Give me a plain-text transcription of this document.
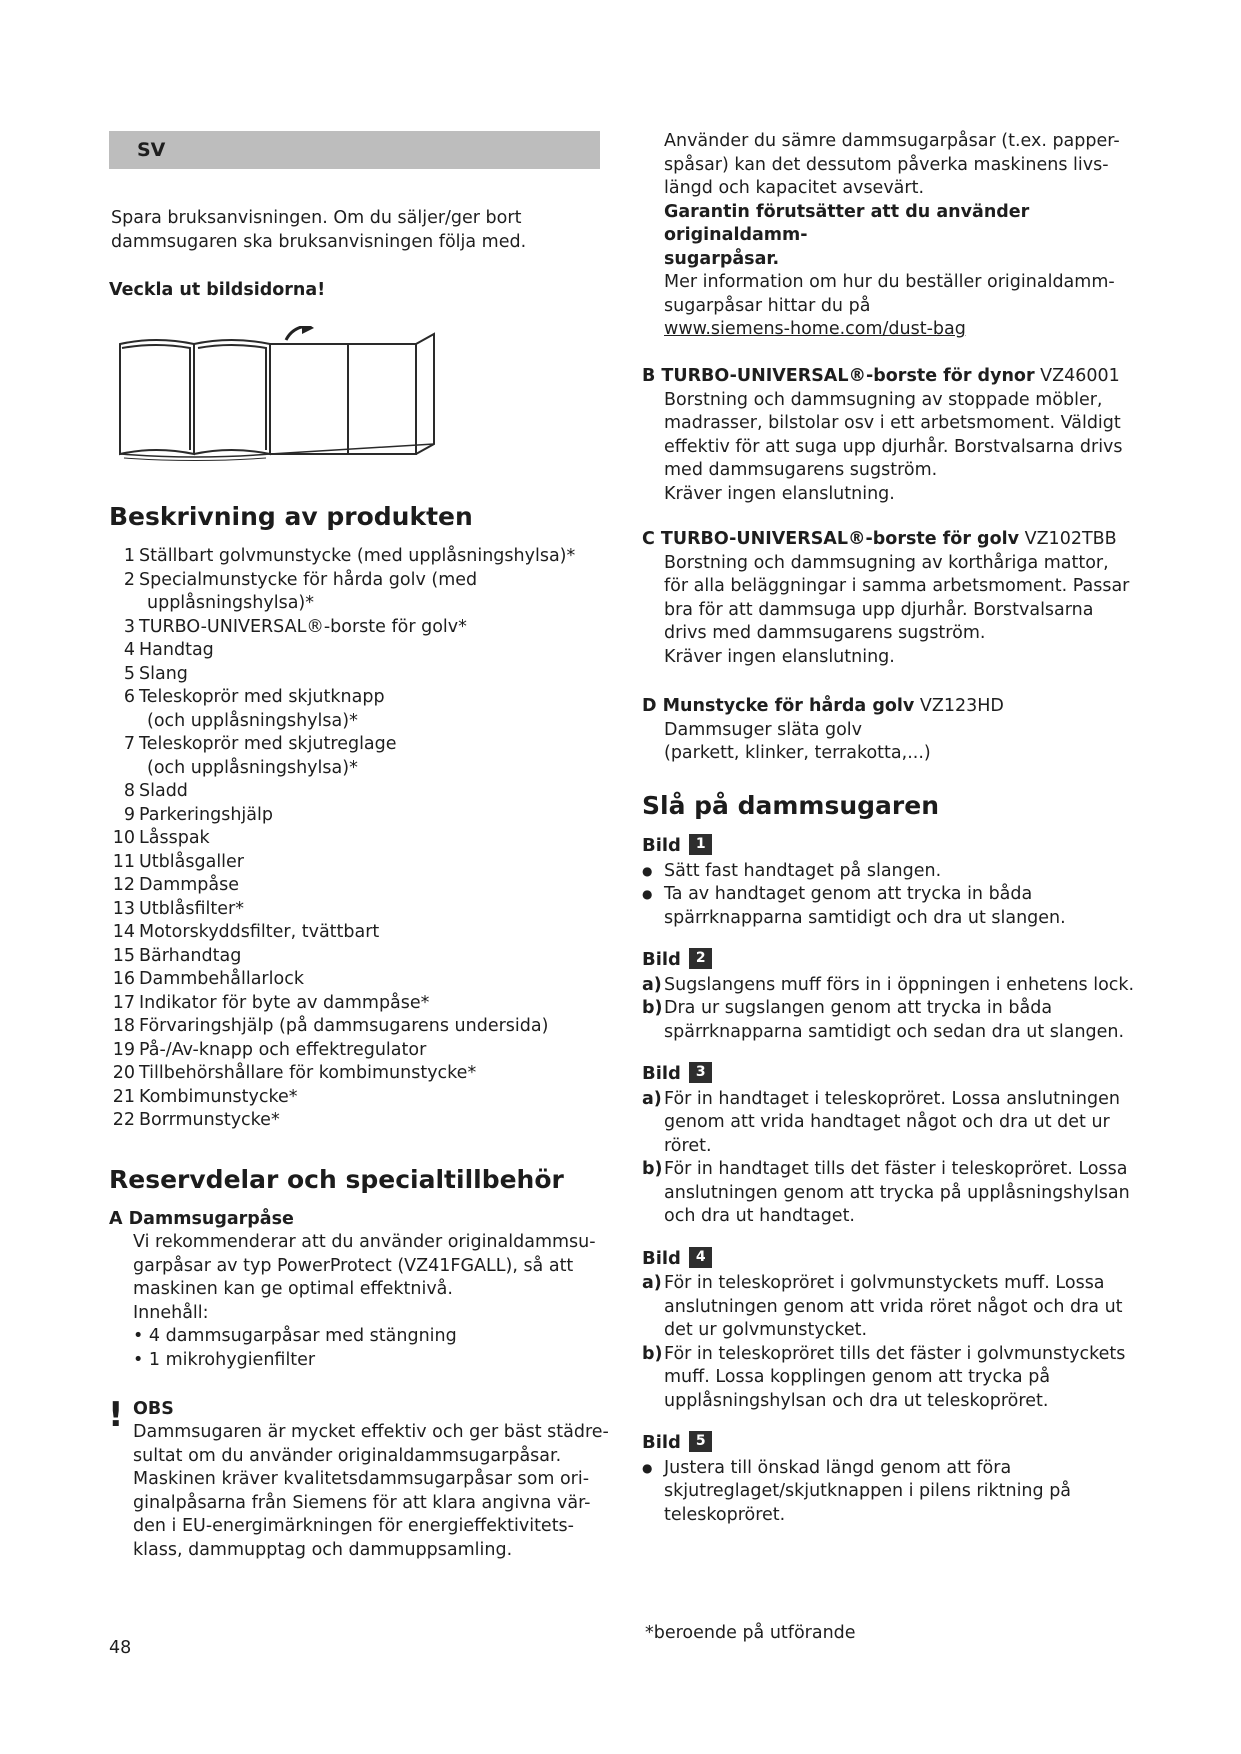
SV
Spara bruksanvisningen. Om du säljer/ger bort
dammsugaren ska bruksanvisningen följa med.
Veckla ut bildsidorna!
Beskrivning av produkten
1 Ställbart golvmunstycke (med upplåsningshylsa)*
2 Specialmunstycke för hårda golv (med
upplåsningshylsa)*
3 TURBO-UNIVERSAL®-borste för golv*
4 Handtag
5 Slang
6 Teleskoprör med skjutknapp
(och upplåsningshylsa)*
7 Teleskoprör med skjutreglage
(och upplåsningshylsa)*
8 Sladd
9 Parkeringshjälp
10 Låsspak
11 Utblåsgaller
12 Dammpåse
13 Utblåsfilter*
14 Motorskyddsfilter, tvättbart
15 Bärhandtag
16 Dammbehållarlock
17 Indikator för byte av dammpåse*
18 Förvaringshjälp (på dammsugarens undersida)
19 På-/Av-knapp och effektregulator
20 Tillbehörshållare för kombimunstycke*
21 Kombimunstycke*
22 Borrmunstycke*
Reservdelar och specialtillbehör
A Dammsugarpåse
Vi rekommenderar att du använder originaldammsu-
garpåsar av typ PowerProtect (VZ41FGALL), så att
maskinen kan ge optimal effektnivå.
Innehåll:
• 4 dammsugarpåsar med stängning
• 1 mikrohygienfilter
! OBS
Dammsugaren är mycket effektiv och ger bäst städre-
sultat om du använder originaldammsugarpåsar.
Maskinen kräver kvalitetsdammsugarpåsar som ori-
ginalpåsarna från Siemens för att klara angivna vär-
den i EU-energimärkningen för energieffektivitets-
klass, dammupptag och dammuppsamling.
Använder du sämre dammsugarpåsar (t.ex. papper-
spåsar) kan det dessutom påverka maskinens livs-
längd och kapacitet avsevärt.
Garantin förutsätter att du använder originaldamm-
sugarpåsar.
Mer information om hur du beställer originaldamm-
sugarpåsar hittar du på
www.siemens-home.com/dust-bag
B TURBO-UNIVERSAL®-borste för dynor VZ46001
Borstning och dammsugning av stoppade möbler,
madrasser, bilstolar osv i ett arbetsmoment. Väldigt
effektiv för att suga upp djurhår. Borstvalsarna drivs
med dammsugarens sugström.
Kräver ingen elanslutning.
C TURBO-UNIVERSAL®-borste för golv VZ102TBB
Borstning och dammsugning av korthåriga mattor,
för alla beläggningar i samma arbetsmoment. Passar
bra för att dammsuga upp djurhår. Borstvalsarna
drivs med dammsugarens sugström.
Kräver ingen elanslutning.
D Munstycke för hårda golv VZ123HD
Dammsuger släta golv
(parkett, klinker, terrakotta,...)
Slå på dammsugaren
Bild 1
● Sätt fast handtaget på slangen.
● Ta av handtaget genom att trycka in båda
spärrknapparna samtidigt och dra ut slangen.
Bild 2
a) Sugslangens muff förs in i öppningen i enhetens lock.
b) Dra ur sugslangen genom att trycka in båda
spärrknapparna samtidigt och sedan dra ut slangen.
Bild 3
a) För in handtaget i teleskopröret. Lossa anslutningen
genom att vrida handtaget något och dra ut det ur
röret.
b) För in handtaget tills det fäster i teleskopröret. Lossa
anslutningen genom att trycka på upplåsningshylsan
och dra ut handtaget.
Bild 4
a) För in teleskopröret i golvmunstyckets muff. Lossa
anslutningen genom att vrida röret något och dra ut
det ur golvmunstycket.
b) För in teleskopröret tills det fäster i golvmunstyckets
muff. Lossa kopplingen genom att trycka på
upplåsningshylsan och dra ut teleskopröret.
Bild 5
● Justera till önskad längd genom att föra
skjutreglaget/skjutknappen i pilens riktning på
teleskopröret.
*beroende på utförande
48
